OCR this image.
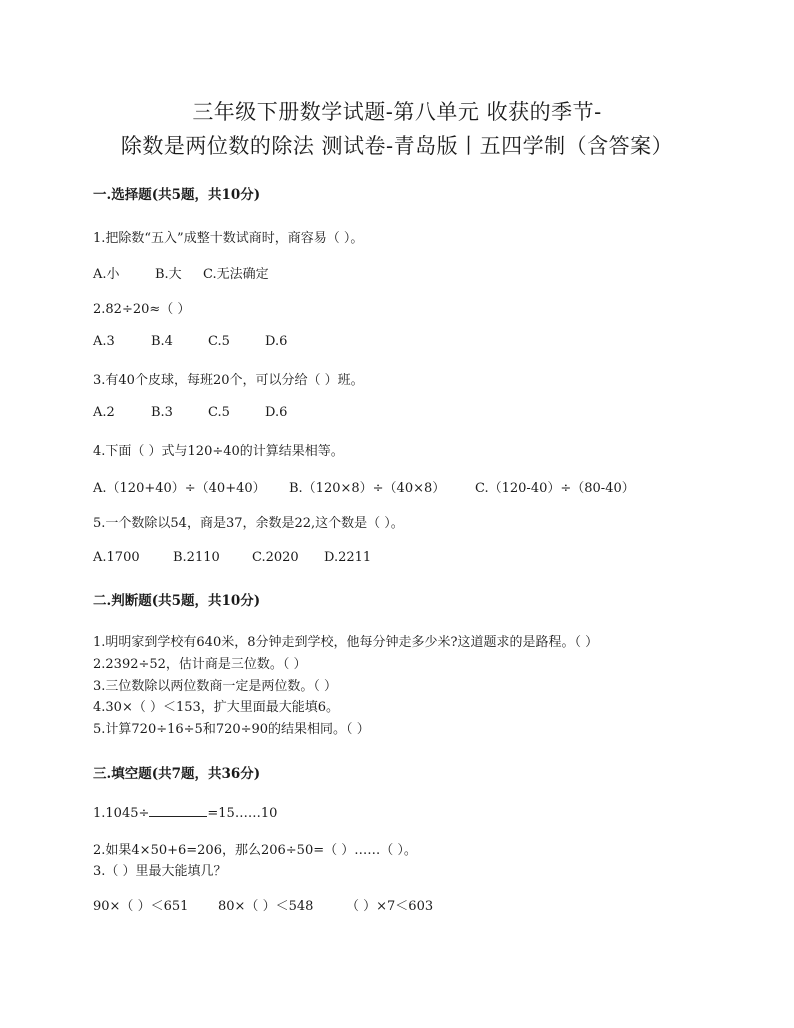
三年级下册数学试题-第八单元 收获的季节-
除数是两位数的除法 测试卷-青岛版丨五四学制（含答案）
一.选择题(共5题，共10分)
1.把除数“五入”成整十数试商时，商容易（ ）。
A.小	B.大 C.无法确定
2.82÷20≈（ ）
A.3	B.4	C.5	D.6
3.有40个皮球，每班20个，可以分给（ ）班。
A.2	B.3	C.5	D.6
4.下面（ ）式与120÷40的计算结果相等。
A.（120+40）÷（40+40） B.（120×8）÷（40×8） C.（120-40）÷（80-40）
5.一个数除以54，商是37，余数是22,这个数是（ ）。
A.1700	B.2110 C.2020 D.2211
二.判断题(共5题，共10分)
1.明明家到学校有640米，8分钟走到学校，他每分钟走多少米?这道题求的是路程。（ ）
2.2392÷52，估计商是三位数。（ ）
3.三位数除以两位数商一定是两位数。（ ）
4.30×（ ）＜153，扩大里面最大能填6。
5.计算720÷16÷5和720÷90的结果相同。（ ）
三.填空题(共7题，共36分)
1.1045÷	=15……10
2.如果4×50+6=206，那么206÷50=（ ）……（ ）。
3.（ ）里最大能填几？
90×（ ）＜651 80×（ ）＜548	（ ）×7＜603
